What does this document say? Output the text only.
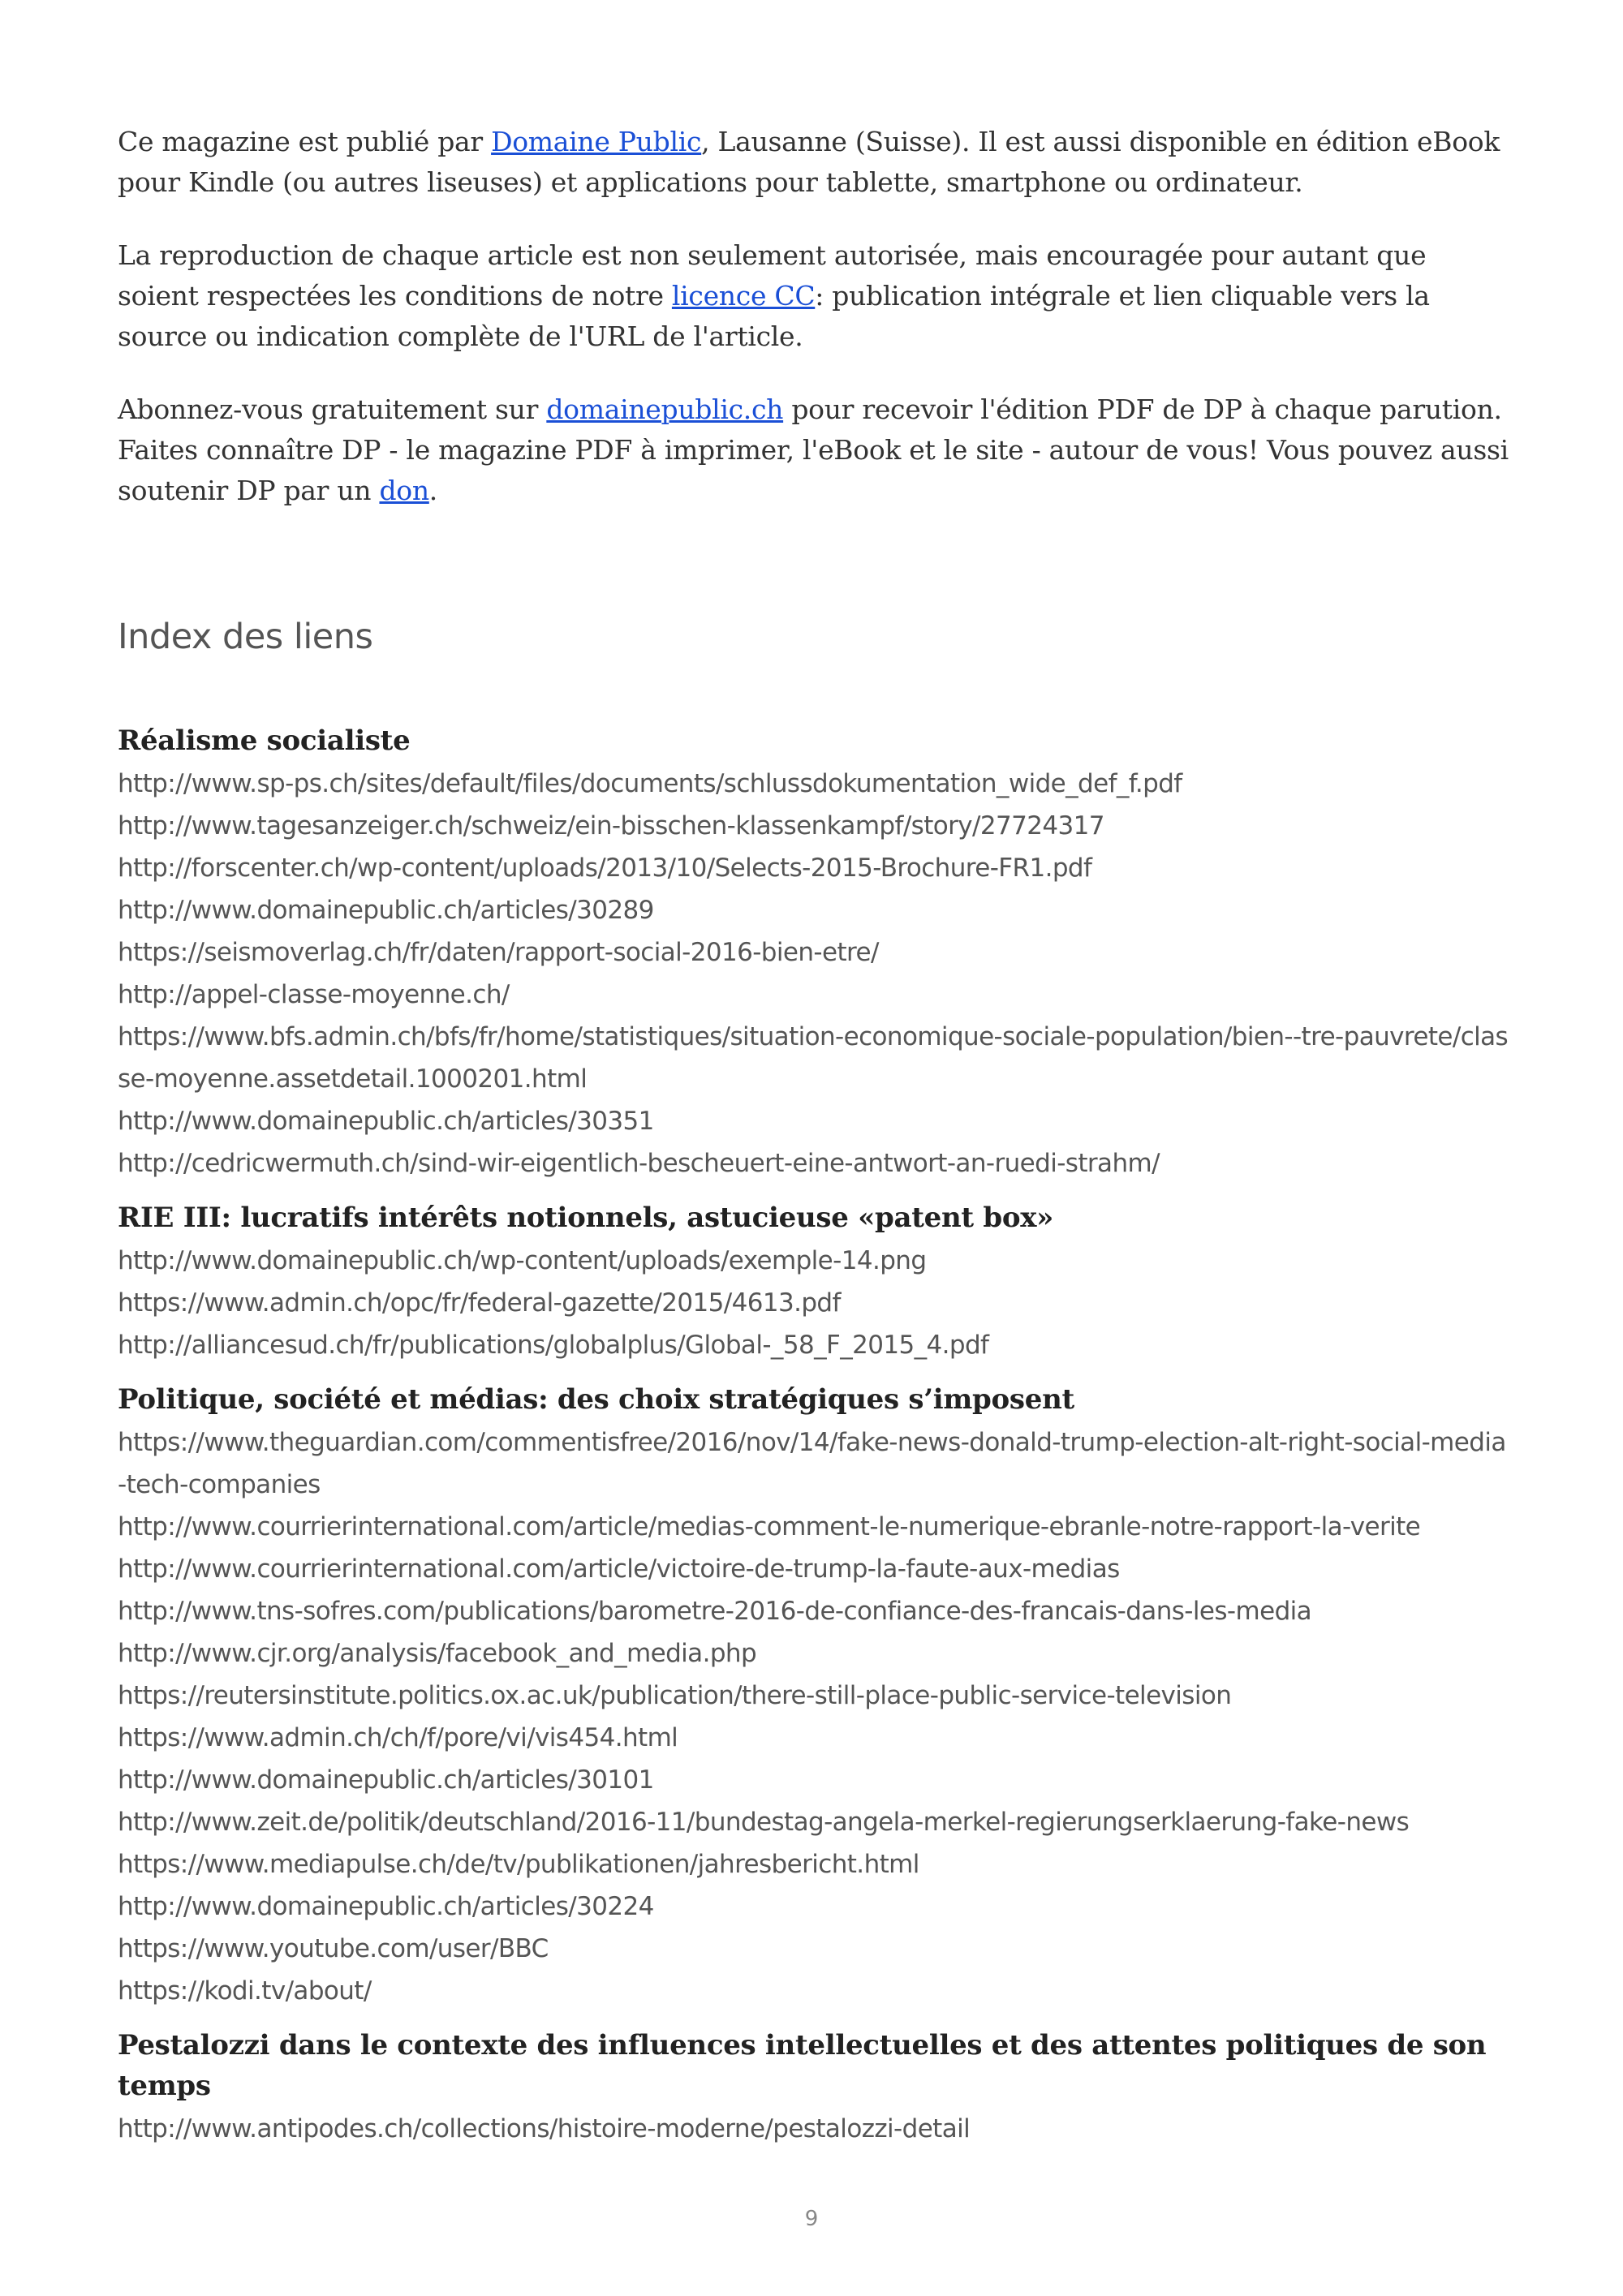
Ce magazine est publié par Domaine Public, Lausanne (Suisse). Il est aussi disponible en édition eBook pour Kindle (ou autres liseuses) et applications pour tablette, smartphone ou ordinateur.

La reproduction de chaque article est non seulement autorisée, mais encouragée pour autant que soient respectées les conditions de notre licence CC: publication intégrale et lien cliquable vers la source ou indication complète de l'URL de l'article.

Abonnez-vous gratuitement sur domainepublic.ch pour recevoir l'édition PDF de DP à chaque parution. Faites connaître DP - le magazine PDF à imprimer, l'eBook et le site - autour de vous! Vous pouvez aussi soutenir DP par un don.

Index des liens
Réalisme socialiste
http://www.sp-ps.ch/sites/default/files/documents/schlussdokumentation_wide_def_f.pdf
http://www.tagesanzeiger.ch/schweiz/ein-bisschen-klassenkampf/story/27724317
http://forscenter.ch/wp-content/uploads/2013/10/Selects-2015-Brochure-FR1.pdf
http://www.domainepublic.ch/articles/30289
https://seismoverlag.ch/fr/daten/rapport-social-2016-bien-etre/
http://appel-classe-moyenne.ch/
https://www.bfs.admin.ch/bfs/fr/home/statistiques/situation-economique-sociale-population/bien--tre-pauvrete/classe-moyenne.assetdetail.1000201.html
http://www.domainepublic.ch/articles/30351
http://cedricwermuth.ch/sind-wir-eigentlich-bescheuert-eine-antwort-an-ruedi-strahm/
RIE III: lucratifs intérêts notionnels, astucieuse «patent box»
http://www.domainepublic.ch/wp-content/uploads/exemple-14.png
https://www.admin.ch/opc/fr/federal-gazette/2015/4613.pdf
http://alliancesud.ch/fr/publications/globalplus/Global-_58_F_2015_4.pdf
Politique, société et médias: des choix stratégiques s’imposent
https://www.theguardian.com/commentisfree/2016/nov/14/fake-news-donald-trump-election-alt-right-social-media-tech-companies
http://www.courrierinternational.com/article/medias-comment-le-numerique-ebranle-notre-rapport-la-verite
http://www.courrierinternational.com/article/victoire-de-trump-la-faute-aux-medias
http://www.tns-sofres.com/publications/barometre-2016-de-confiance-des-francais-dans-les-media
http://www.cjr.org/analysis/facebook_and_media.php
https://reutersinstitute.politics.ox.ac.uk/publication/there-still-place-public-service-television
https://www.admin.ch/ch/f/pore/vi/vis454.html
http://www.domainepublic.ch/articles/30101
http://www.zeit.de/politik/deutschland/2016-11/bundestag-angela-merkel-regierungserklaerung-fake-news
https://www.mediapulse.ch/de/tv/publikationen/jahresbericht.html
http://www.domainepublic.ch/articles/30224
https://www.youtube.com/user/BBC
https://kodi.tv/about/
Pestalozzi dans le contexte des influences intellectuelles et des attentes politiques de son temps
http://www.antipodes.ch/collections/histoire-moderne/pestalozzi-detail
9
